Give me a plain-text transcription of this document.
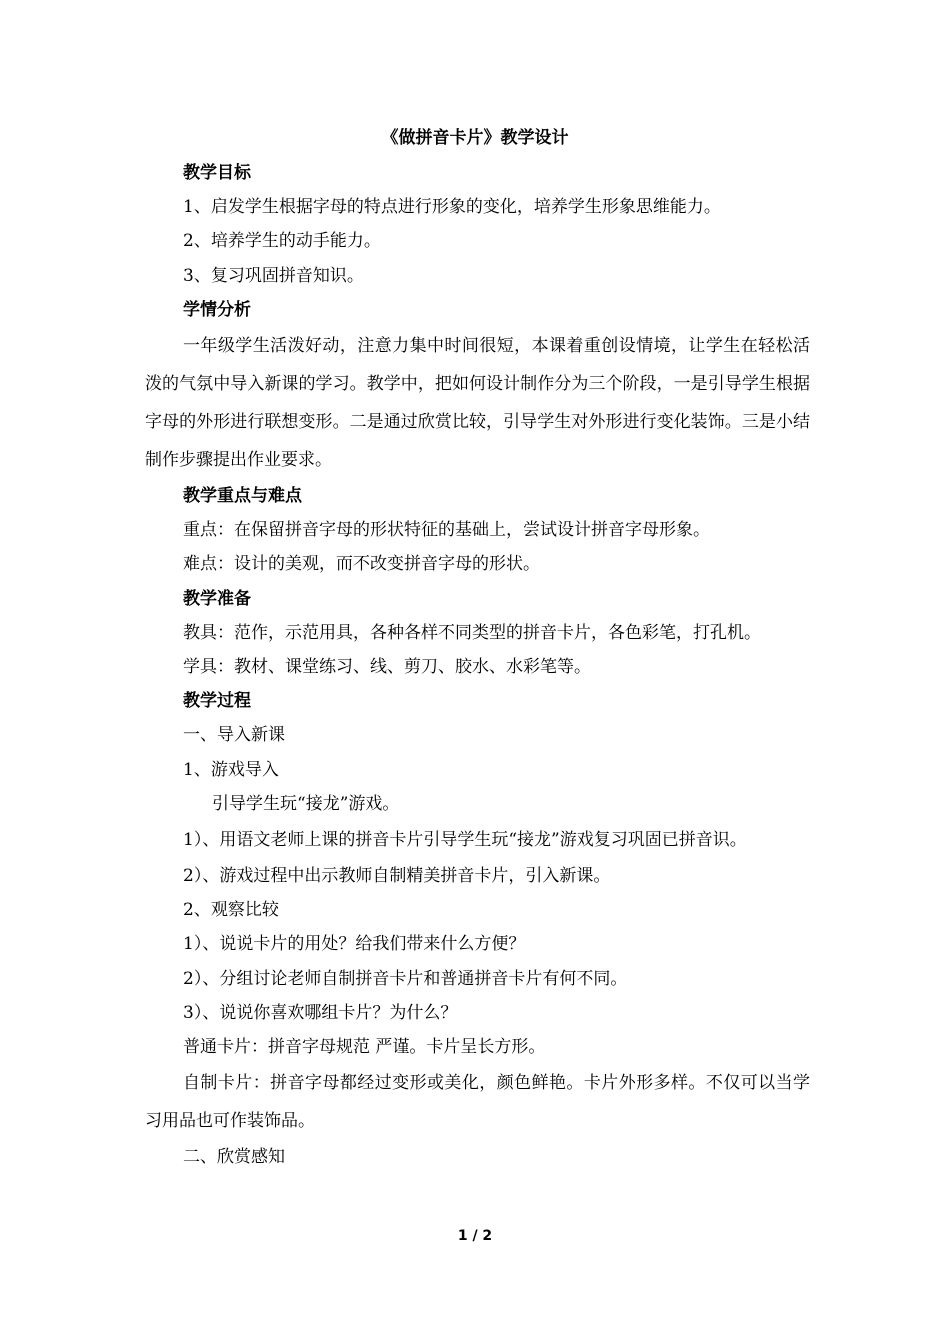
《做拼音卡片》教学设计

教学目标

1、启发学生根据字母的特点进行形象的变化，培养学生形象思维能力。

2、培养学生的动手能力。

3、复习巩固拼音知识。

学情分析

一年级学生活泼好动，注意力集中时间很短，本课着重创设情境，让学生在轻松活泼的气氛中导入新课的学习。教学中，把如何设计制作分为三个阶段，一是引导学生根据字母的外形进行联想变形。二是通过欣赏比较，引导学生对外形进行变化装饰。三是小结制作步骤提出作业要求。

教学重点与难点

重点：在保留拼音字母的形状特征的基础上，尝试设计拼音字母形象。

难点：设计的美观，而不改变拼音字母的形状。

教学准备

教具：范作，示范用具，各种各样不同类型的拼音卡片，各色彩笔，打孔机。

学具：教材、课堂练习、线、剪刀、胶水、水彩笔等。

教学过程

一、导入新课

1、游戏导入

引导学生玩“接龙”游戏。

1）、用语文老师上课的拼音卡片引导学生玩“接龙”游戏复习巩固已拼音识。

2）、游戏过程中出示教师自制精美拼音卡片，引入新课。

2、观察比较

1）、说说卡片的用处？给我们带来什么方便？

2）、分组讨论老师自制拼音卡片和普通拼音卡片有何不同。

3）、说说你喜欢哪组卡片？为什么？

普通卡片：拼音字母规范 严谨。卡片呈长方形。

自制卡片：拼音字母都经过变形或美化，颜色鲜艳。卡片外形多样。不仅可以当学习用品也可作装饰品。

二、欣赏感知

1 / 2
